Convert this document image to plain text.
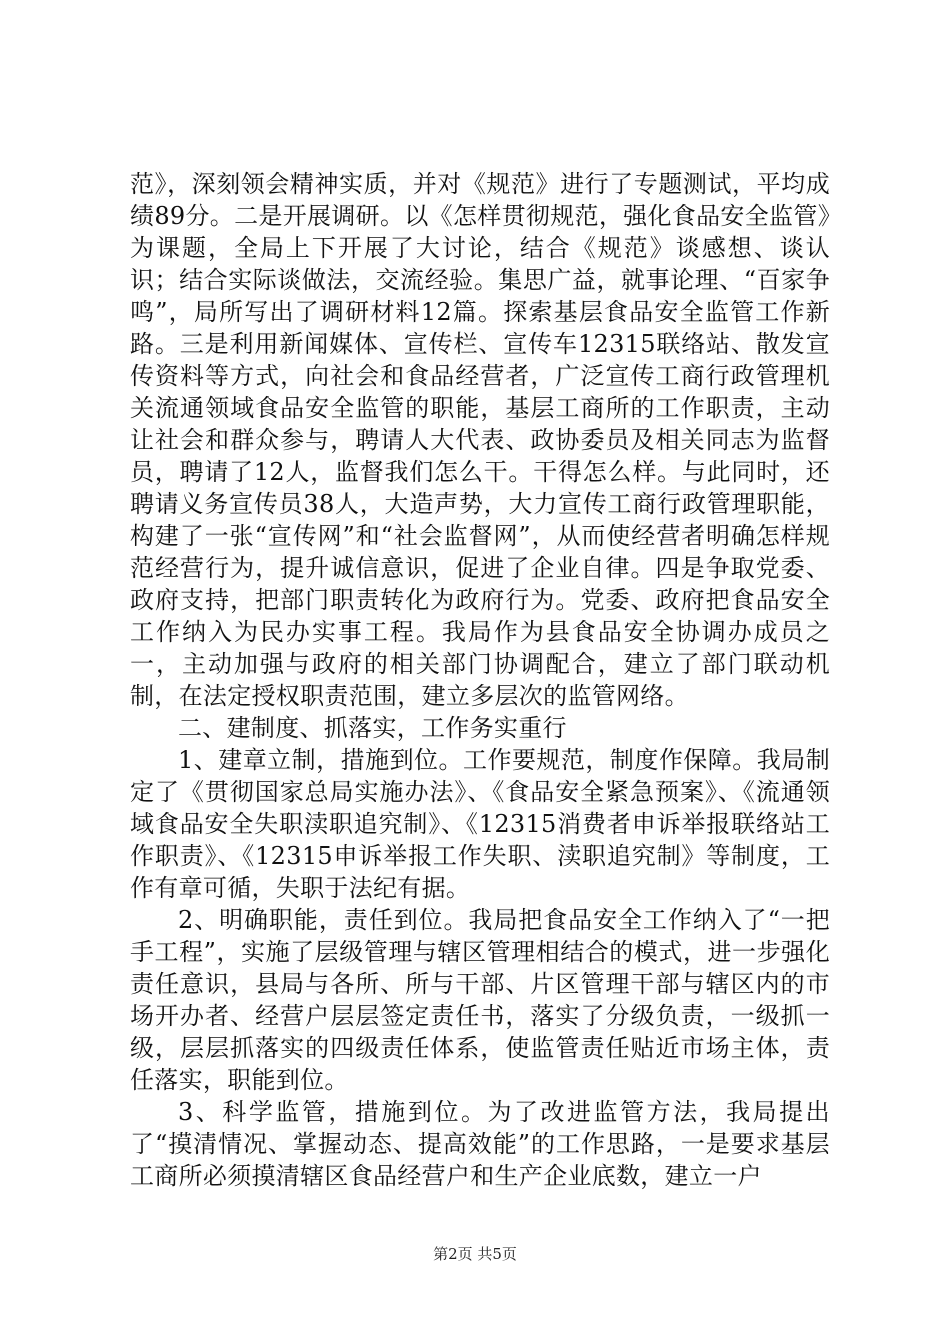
范》，深刻领会精神实质，并对《规范》进行了专题测试，平均成绩89分。二是开展调研。以《怎样贯彻规范，强化食品安全监管》为课题，全局上下开展了大讨论，结合《规范》谈感想、谈认识；结合实际谈做法，交流经验。集思广益，就事论理、“百家争鸣”，局所写出了调研材料12篇。探索基层食品安全监管工作新路。三是利用新闻媒体、宣传栏、宣传车12315联络站、散发宣传资料等方式，向社会和食品经营者，广泛宣传工商行政管理机关流通领域食品安全监管的职能，基层工商所的工作职责，主动让社会和群众参与，聘请人大代表、政协委员及相关同志为监督员，聘请了12人，监督我们怎么干。干得怎么样。与此同时，还聘请义务宣传员38人，大造声势，大力宣传工商行政管理职能，构建了一张“宣传网”和“社会监督网”，从而使经营者明确怎样规范经营行为，提升诚信意识，促进了企业自律。四是争取党委、政府支持，把部门职责转化为政府行为。党委、政府把食品安全工作纳入为民办实事工程。我局作为县食品安全协调办成员之一，主动加强与政府的相关部门协调配合，建立了部门联动机制，在法定授权职责范围，建立多层次的监管网络。

二、建制度、抓落实，工作务实重行

1、建章立制，措施到位。工作要规范，制度作保障。我局制定了《贯彻国家总局实施办法》、《食品安全紧急预案》、《流通领域食品安全失职渎职追究制》、《12315消费者申诉举报联络站工作职责》、《12315申诉举报工作失职、渎职追究制》等制度，工作有章可循，失职于法纪有据。

2、明确职能，责任到位。我局把食品安全工作纳入了“一把手工程”，实施了层级管理与辖区管理相结合的模式，进一步强化责任意识，县局与各所、所与干部、片区管理干部与辖区内的市场开办者、经营户层层签定责任书，落实了分级负责，一级抓一级，层层抓落实的四级责任体系，使监管责任贴近市场主体，责任落实，职能到位。

3、科学监管，措施到位。为了改进监管方法，我局提出了“摸清情况、掌握动态、提高效能”的工作思路，一是要求基层工商所必须摸清辖区食品经营户和生产企业底数，建立一户

第2页 共5页
